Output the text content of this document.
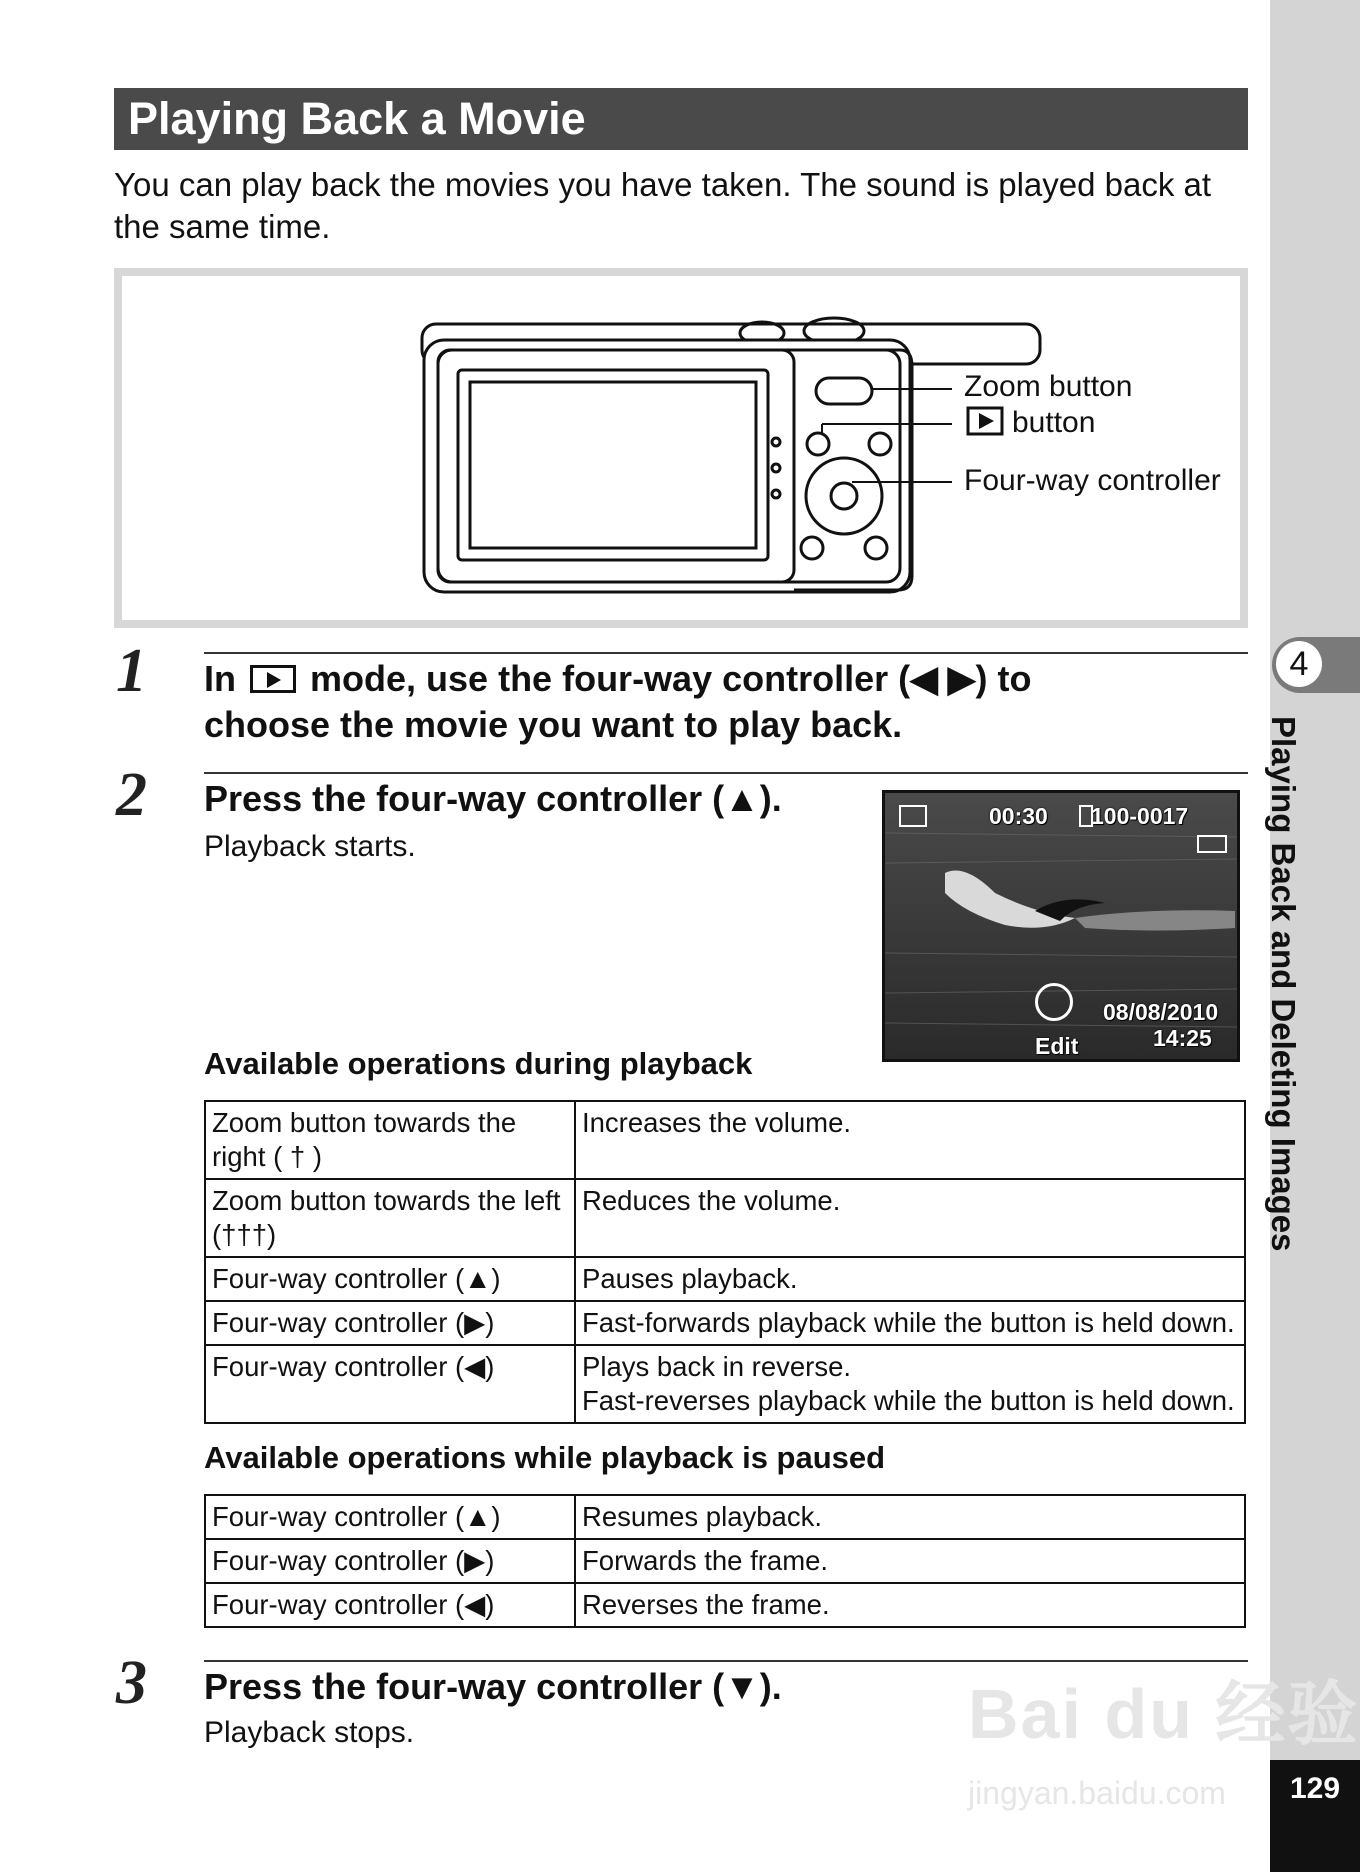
4
Playing Back and Deleting Images
129
Playing Back a Movie
You can play back the movies you have taken. The sound is played back at the same time.
Zoom button
button
Four-way controller
1 In mode, use the four-way controller (◀ ▶) to
choose the movie you want to play back.
2 Press the four-way controller (▲).
Playback starts.
00:30 100-0017
08/08/2010
14:25
Edit
Available operations during playback
Zoom button towards the right ( † )	Increases the volume.
Zoom button towards the left (†††)	Reduces the volume.
Four-way controller (▲)	Pauses playback.
Four-way controller (▶)	Fast-forwards playback while the button is held down.
Four-way controller (◀)	Plays back in reverse.
Fast-reverses playback while the button is held down.
Available operations while playback is paused
Four-way controller (▲)	Resumes playback.
Four-way controller (▶)	Forwards the frame.
Four-way controller (◀)	Reverses the frame.
3 Press the four-way controller (▼).
Playback stops.	Bai du 经验
jingyan.baidu.com
